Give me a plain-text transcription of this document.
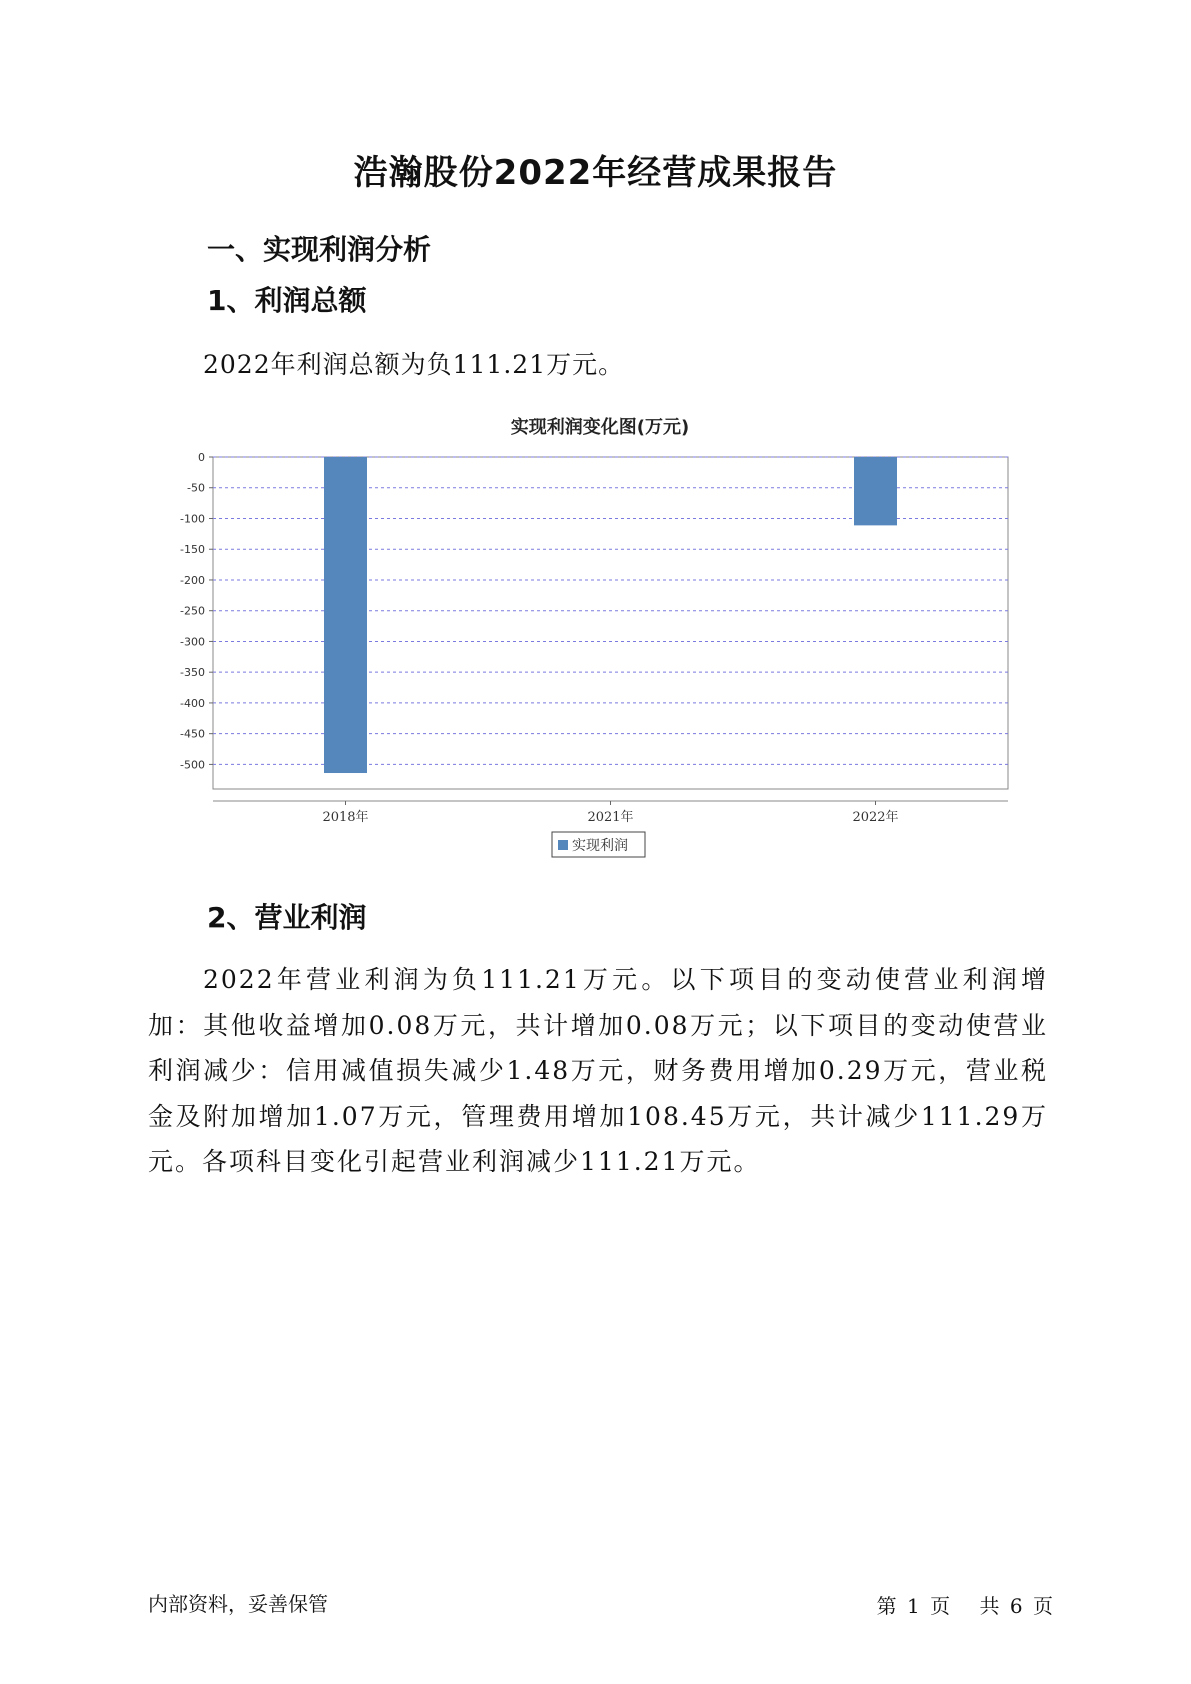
浩瀚股份2022年经营成果报告
一、实现利润分析
1、利润总额
2022年利润总额为负111.21万元。
实现利润变化图(万元)
0
-50
-100
-150
-200
-250
-300
-350
-400
-450
-500
2018年	2021年	2022年
实现利润
2、营业利润
2022年营业利润为负111.21万元。以下项目的变动使营业利润增加：其他收益增加0.08万元，共计增加0.08万元；以下项目的变动使营业利润减少：信用减值损失减少1.48万元，财务费用增加0.29万元，营业税金及附加增加1.07万元，管理费用增加108.45万元，共计减少111.29万元。各项科目变化引起营业利润减少111.21万元。
内部资料，妥善保管	第 1 页 共 6 页
